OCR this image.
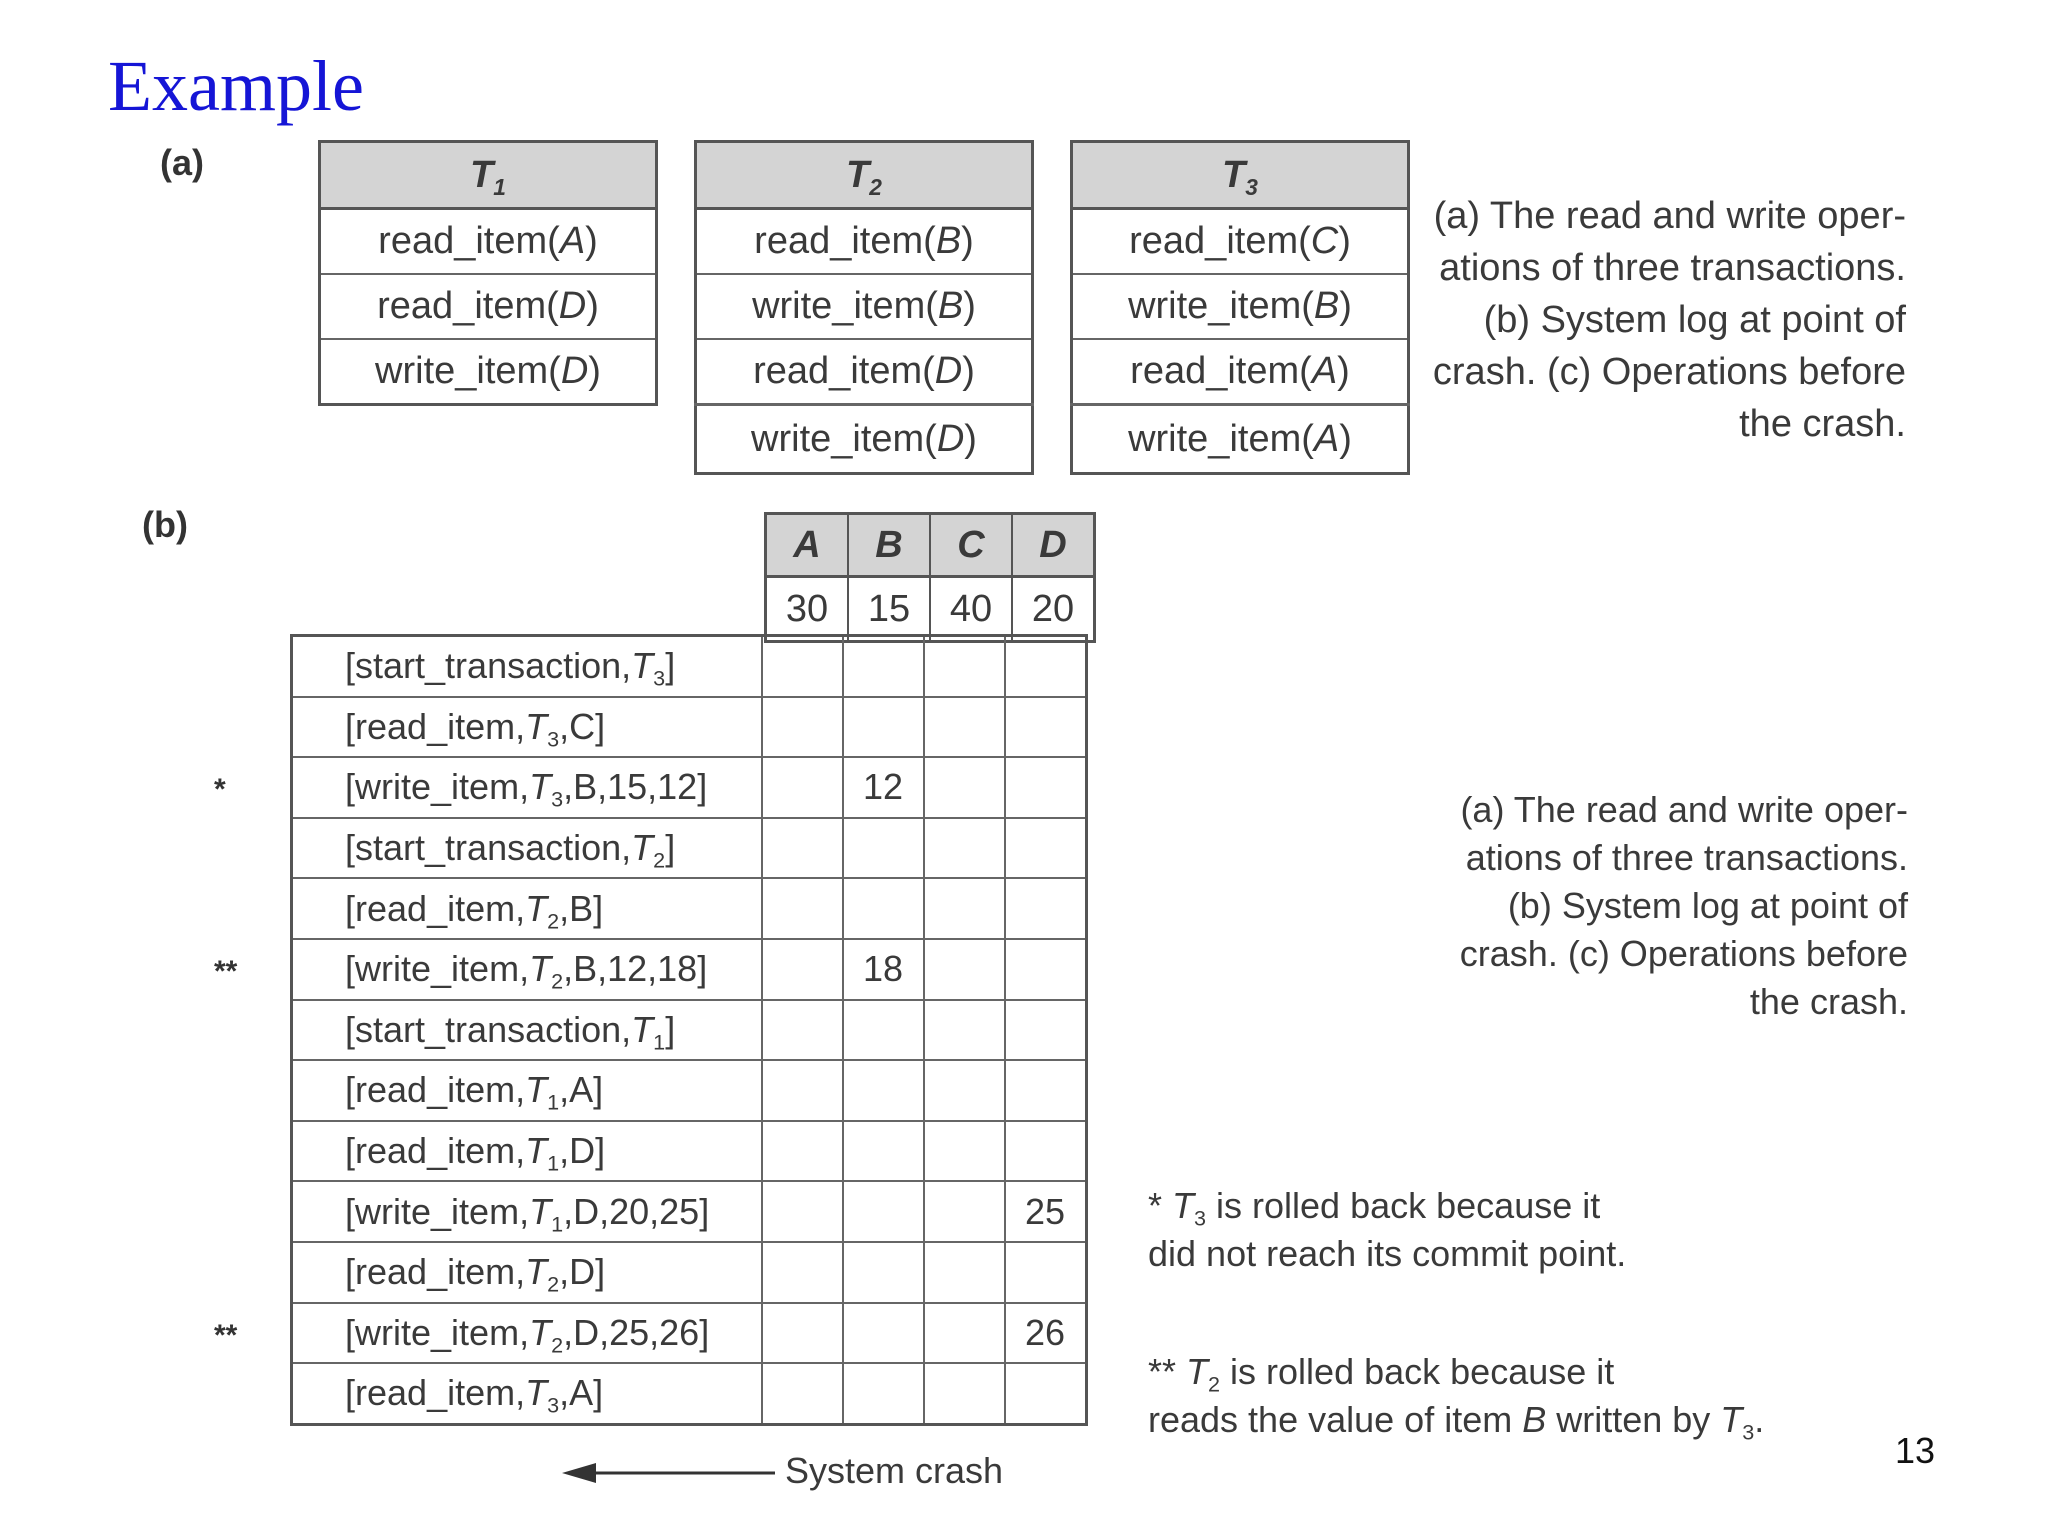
Example
(a)
(b)
$T_1$
read_item(A)
read_item(D)
write_item(D)
$T_2$
read_item(B)
write_item(B)
read_item(D)
write_item(D)
$T_3$
read_item(C)
write_item(B)
read_item(A)
write_item(A)
(a) The read and write oper-
ations of three transactions.
(b) System log at point of
crash. (c) Operations before
the crash.
(a) The read and write oper-
ations of three transactions.
(b) System log at point of
crash. (c) Operations before
the crash.
A	B	C	D
30	15	40	20
$[start\_transaction,T_3]$				
$[read\_item,T_3,C]$				
$[write\_item,T_3,B,15,12]$		12		
$[start\_transaction,T_2]$				
$[read\_item,T_2,B]$				
$[write\_item,T_2,B,12,18]$		18		
$[start\_transaction,T_1]$				
$[read\_item,T_1,A]$				
$[read\_item,T_1,D]$				
$[write\_item,T_1,D,20,25]$				25
$[read\_item,T_2,D]$				
$[write\_item,T_2,D,25,26]$				26
$[read\_item,T_3,A]$				
*
**
**
* $T_3$ is rolled back because it
did not reach its commit point.
** $T_2$ is rolled back because it
reads the value of item B written by $T_3$.
System crash	13
